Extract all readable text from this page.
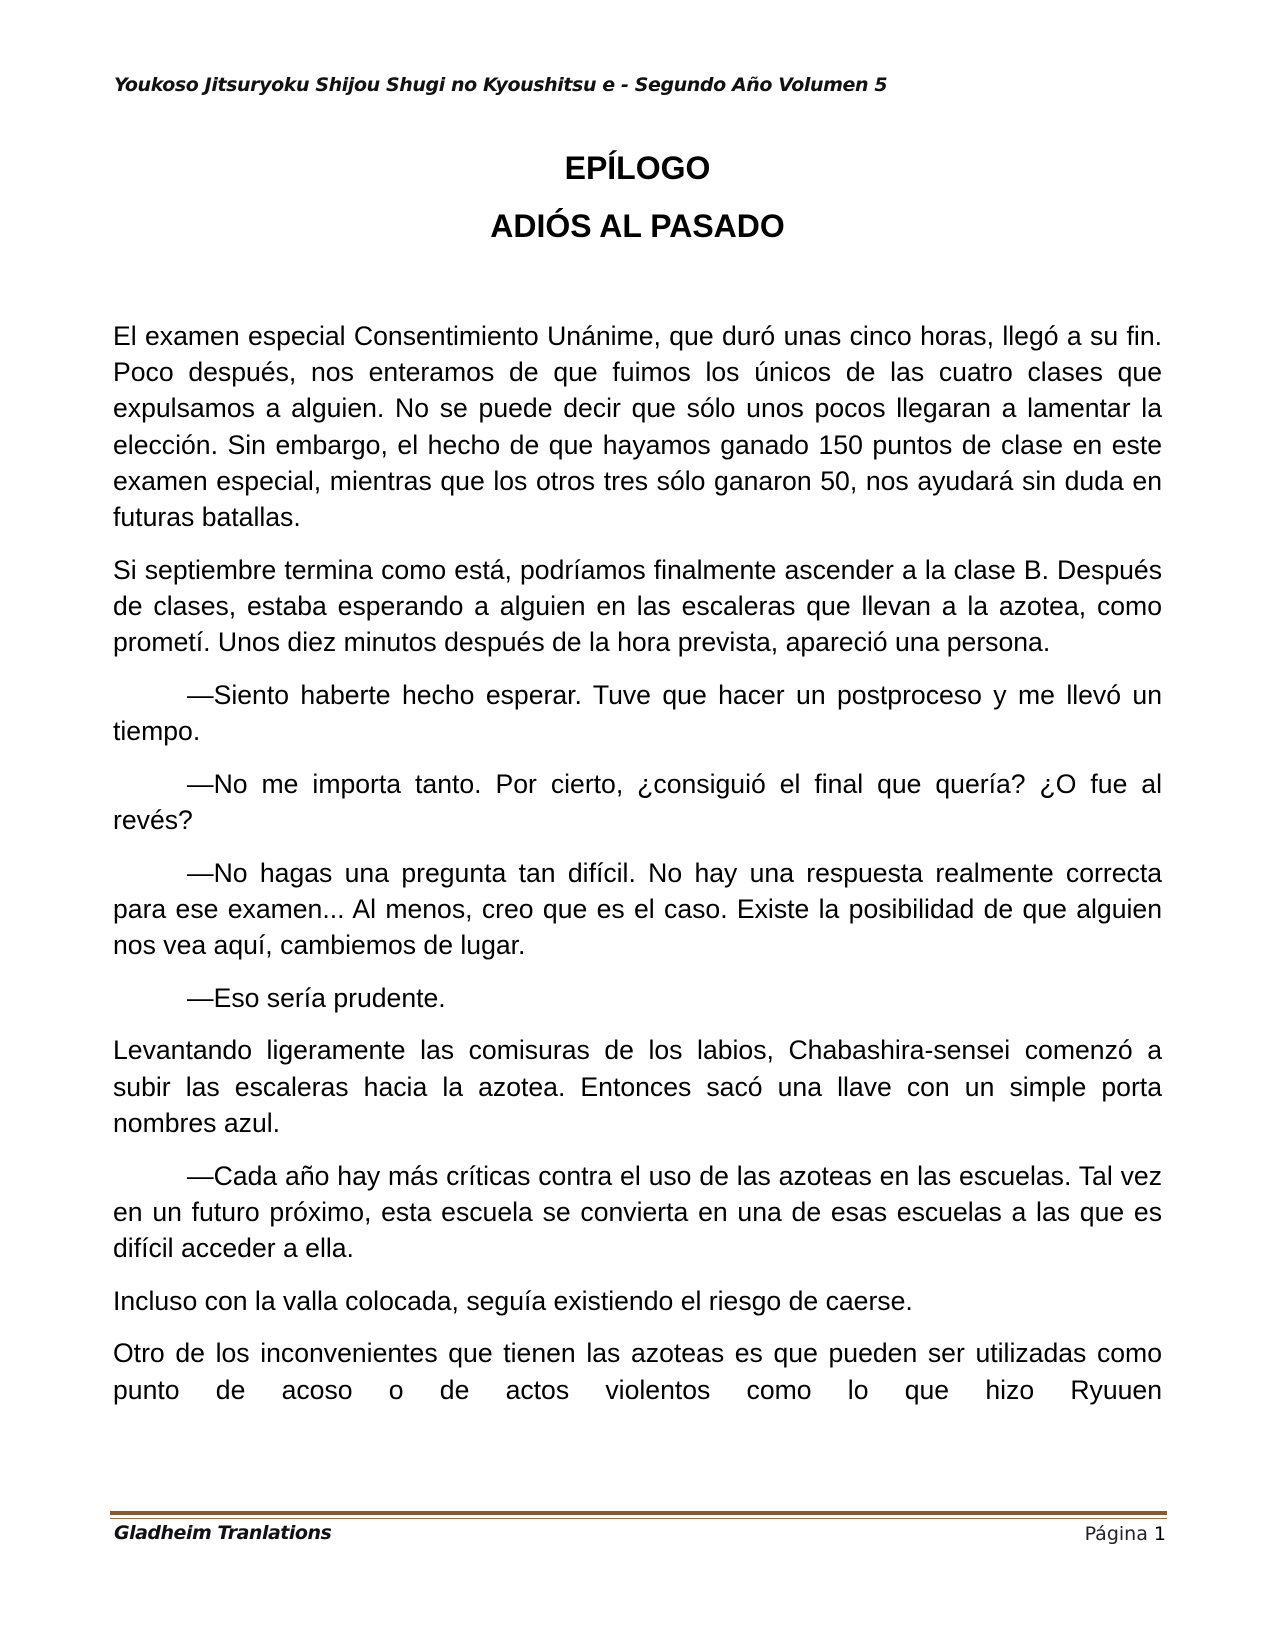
Youkoso Jitsuryoku Shijou Shugi no Kyoushitsu e - Segundo Año Volumen 5
EPÍLOGO
ADIÓS AL PASADO

El examen especial Consentimiento Unánime, que duró unas cinco horas, llegó a su fin. Poco después, nos enteramos de que fuimos los únicos de las cuatro clases que expulsamos a alguien. No se puede decir que sólo unos pocos llegaran a lamentar la elección. Sin embargo, el hecho de que hayamos ganado 150 puntos de clase en este examen especial, mientras que los otros tres sólo ganaron 50, nos ayudará sin duda en futuras batallas.

Si septiembre termina como está, podríamos finalmente ascender a la clase B. Después de clases, estaba esperando a alguien en las escaleras que llevan a la azotea, como prometí. Unos diez minutos después de la hora prevista, apareció una persona.

—Siento haberte hecho esperar. Tuve que hacer un postproceso y me llevó un tiempo.

—No me importa tanto. Por cierto, ¿consiguió el final que quería? ¿O fue al revés?

—No hagas una pregunta tan difícil. No hay una respuesta realmente correcta para ese examen... Al menos, creo que es el caso. Existe la posibilidad de que alguien nos vea aquí, cambiemos de lugar.

—Eso sería prudente.

Levantando ligeramente las comisuras de los labios, Chabashira-sensei comenzó a subir las escaleras hacia la azotea. Entonces sacó una llave con un simple porta nombres azul.

—Cada año hay más críticas contra el uso de las azoteas en las escuelas. Tal vez en un futuro próximo, esta escuela se convierta en una de esas escuelas a las que es difícil acceder a ella.

Incluso con la valla colocada, seguía existiendo el riesgo de caerse.

Otro de los inconvenientes que tienen las azoteas es que pueden ser utilizadas como punto de acoso o de actos violentos como lo que hizo Ryuuen

Gladheim Tranlations	Página 1
